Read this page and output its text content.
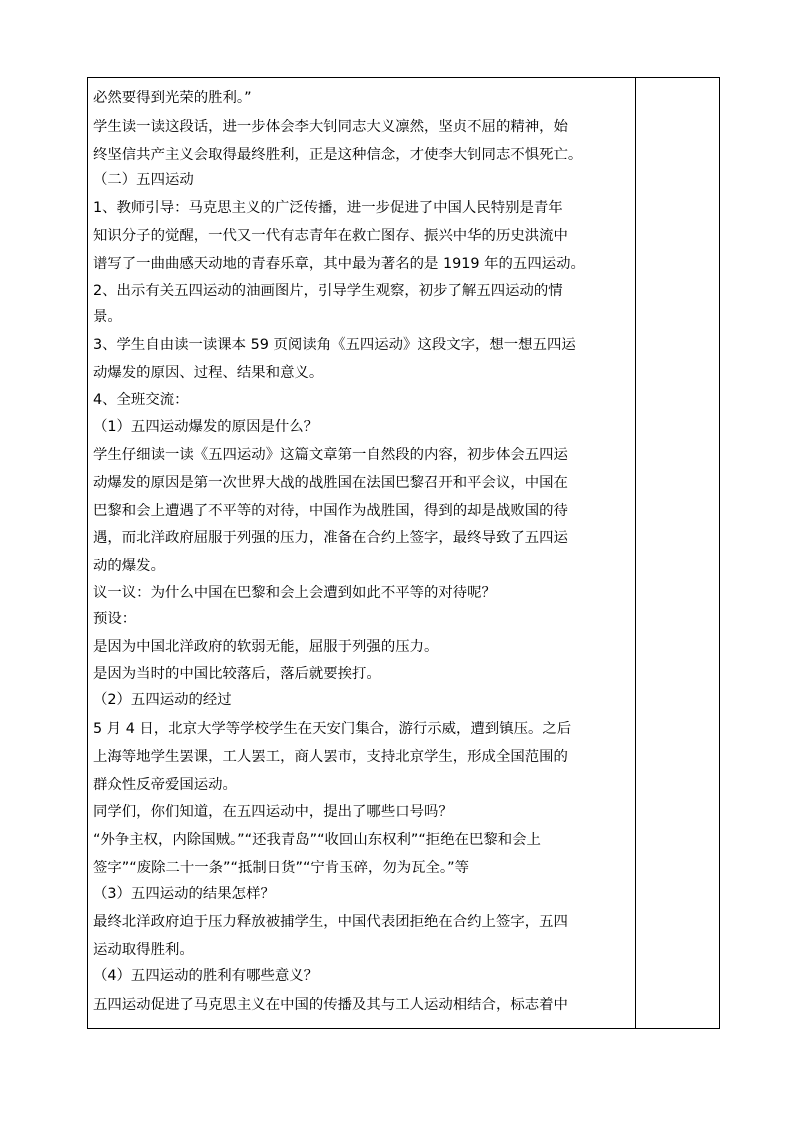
必然要得到光荣的胜利。”
学生读一读这段话，进一步体会李大钊同志大义凛然，坚贞不屈的精神，始
终坚信共产主义会取得最终胜利，正是这种信念，才使李大钊同志不惧死亡。
（二）五四运动
1、教师引导：马克思主义的广泛传播，进一步促进了中国人民特别是青年
知识分子的觉醒，一代又一代有志青年在救亡图存、振兴中华的历史洪流中
谱写了一曲曲感天动地的青春乐章，其中最为著名的是 1919 年的五四运动。
2、出示有关五四运动的油画图片，引导学生观察，初步了解五四运动的情
景。
3、学生自由读一读课本 59 页阅读角《五四运动》这段文字，想一想五四运
动爆发的原因、过程、结果和意义。
4、全班交流：
（1）五四运动爆发的原因是什么？
学生仔细读一读《五四运动》这篇文章第一自然段的内容，初步体会五四运
动爆发的原因是第一次世界大战的战胜国在法国巴黎召开和平会议，中国在
巴黎和会上遭遇了不平等的对待，中国作为战胜国，得到的却是战败国的待
遇，而北洋政府屈服于列强的压力，准备在合约上签字，最终导致了五四运
动的爆发。
议一议：为什么中国在巴黎和会上会遭到如此不平等的对待呢？
预设：
是因为中国北洋政府的软弱无能，屈服于列强的压力。
是因为当时的中国比较落后，落后就要挨打。
（2）五四运动的经过
5 月 4 日，北京大学等学校学生在天安门集合，游行示威，遭到镇压。之后
上海等地学生罢课，工人罢工，商人罢市，支持北京学生，形成全国范围的
群众性反帝爱国运动。
同学们，你们知道，在五四运动中，提出了哪些口号吗？
“外争主权，内除国贼。”“还我青岛”“收回山东权利”“拒绝在巴黎和会上
签字”“废除二十一条”“抵制日货”“宁肯玉碎，勿为瓦全。”等
（3）五四运动的结果怎样？
最终北洋政府迫于压力释放被捕学生，中国代表团拒绝在合约上签字，五四
运动取得胜利。
（4）五四运动的胜利有哪些意义？
五四运动促进了马克思主义在中国的传播及其与工人运动相结合，标志着中
